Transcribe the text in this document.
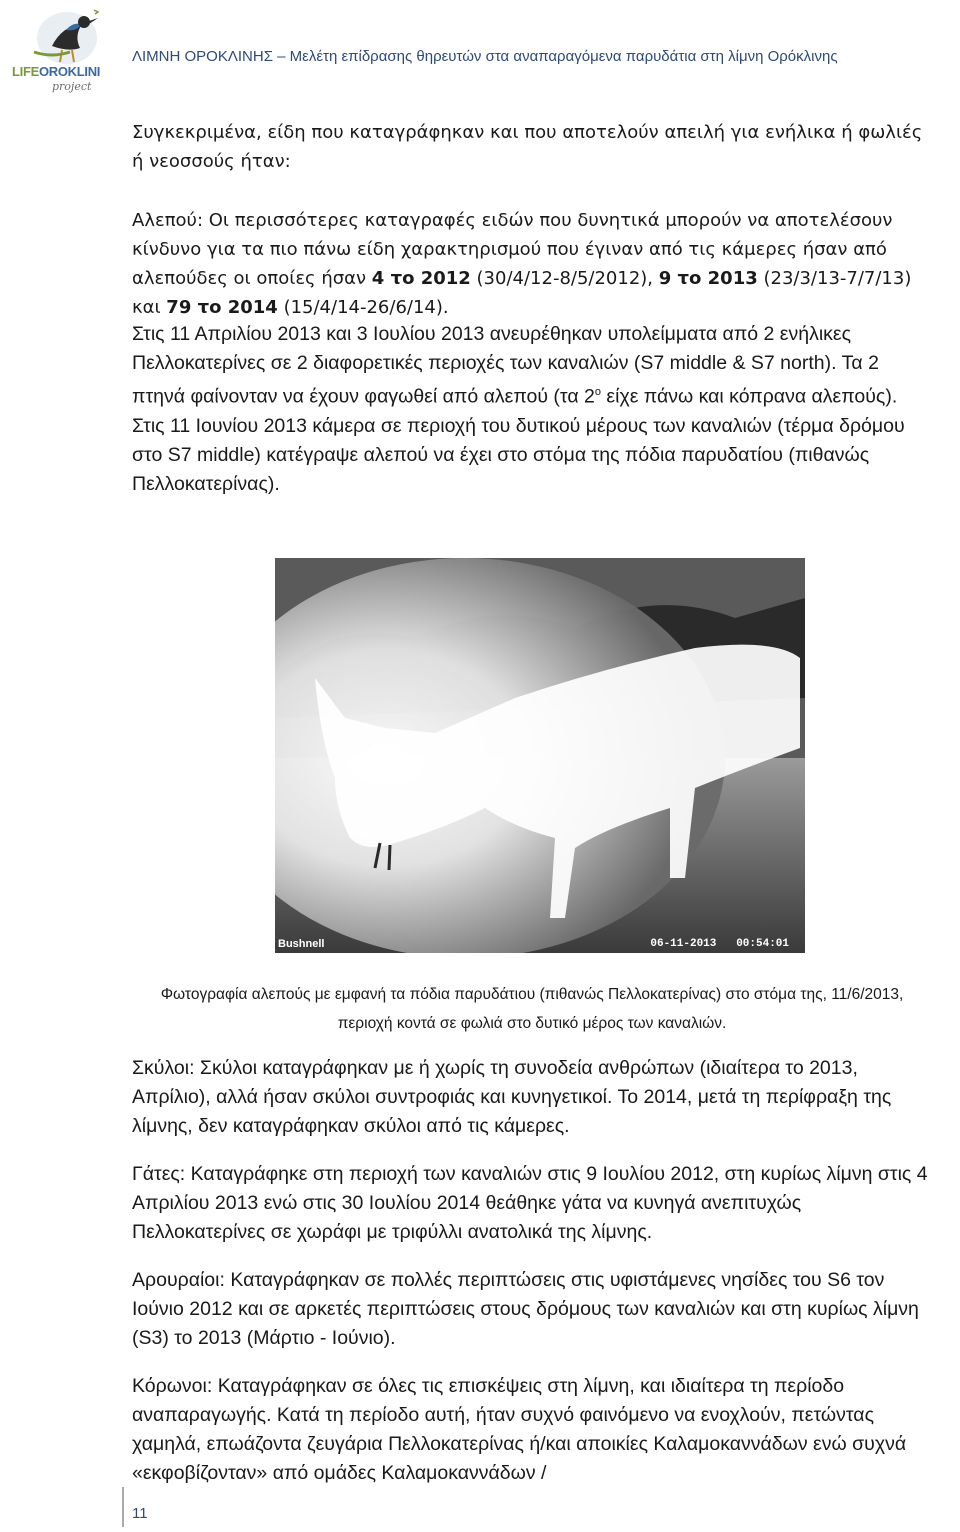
LIFEOROKLINI
project
ΛΙΜΝΗ ΟΡΟΚΛΙΝΗΣ – Μελέτη επίδρασης θηρευτών στα αναπαραγόμενα παρυδάτια στη λίμνη Ορόκλινης

Συγκεκριμένα, είδη που καταγράφηκαν και που αποτελούν απειλή για ενήλικα ή φωλιές ή νεοσσούς ήταν:

Αλεπού: Οι περισσότερες καταγραφές ειδών που δυνητικά μπορούν να αποτελέσουν κίνδυνο για τα πιο πάνω είδη χαρακτηρισμού που έγιναν από τις κάμερες ήσαν από αλεπούδες οι οποίες ήσαν 4 το 2012 (30/4/12-8/5/2012), 9 το 2013 (23/3/13-7/7/13) και 79 το 2014 (15/4/14-26/6/14).

Στις 11 Απριλίου 2013 και 3 Ιουλίου 2013 ανευρέθηκαν υπολείμματα από 2 ενήλικες Πελλοκατερίνες σε 2 διαφορετικές περιοχές των καναλιών (S7 middle & S7 north). Τα 2 πτηνά φαίνονταν να έχουν φαγωθεί από αλεπού (τα $2^o$ είχε πάνω και κόπρανα αλεπούς). Στις 11 Ιουνίου 2013 κάμερα σε περιοχή του δυτικού μέρους των καναλιών (τέρμα δρόμου στο S7 middle) κατέγραψε αλεπού να έχει στο στόμα της πόδια παρυδατίου (πιθανώς Πελλοκατερίνας).

Bushnell	06-11-2013   00:54:01
Φωτογραφία αλεπούς με εμφανή τα πόδια παρυδάτιου (πιθανώς Πελλοκατερίνας) στο στόμα της, 11/6/2013, περιοχή κοντά σε φωλιά στο δυτικό μέρος των καναλιών.

Σκύλοι: Σκύλοι καταγράφηκαν με ή χωρίς τη συνοδεία ανθρώπων (ιδιαίτερα το 2013, Απρίλιο), αλλά ήσαν σκύλοι συντροφιάς και κυνηγετικοί. Το 2014, μετά τη περίφραξη της λίμνης, δεν καταγράφηκαν σκύλοι από τις κάμερες.

Γάτες: Καταγράφηκε στη περιοχή των καναλιών στις 9 Ιουλίου 2012, στη κυρίως λίμνη στις 4 Απριλίου 2013 ενώ στις 30 Ιουλίου 2014 θεάθηκε γάτα να κυνηγά ανεπιτυχώς Πελλοκατερίνες σε χωράφι με τριφύλλι ανατολικά της λίμνης.

Αρουραίοι: Καταγράφηκαν σε πολλές περιπτώσεις στις υφιστάμενες νησίδες του S6 τον Ιούνιο 2012 και σε αρκετές περιπτώσεις στους δρόμους των καναλιών και στη κυρίως λίμνη (S3) το 2013 (Μάρτιο - Ιούνιο).

Κόρωνοι: Καταγράφηκαν σε όλες τις επισκέψεις στη λίμνη, και ιδιαίτερα τη περίοδο αναπαραγωγής. Κατά τη περίοδο αυτή, ήταν συχνό φαινόμενο να ενοχλούν, πετώντας χαμηλά, επωάζοντα ζευγάρια Πελλοκατερίνας ή/και αποικίες Καλαμοκαννάδων ενώ συχνά «εκφοβίζονταν» από ομάδες Καλαμοκαννάδων /

11
